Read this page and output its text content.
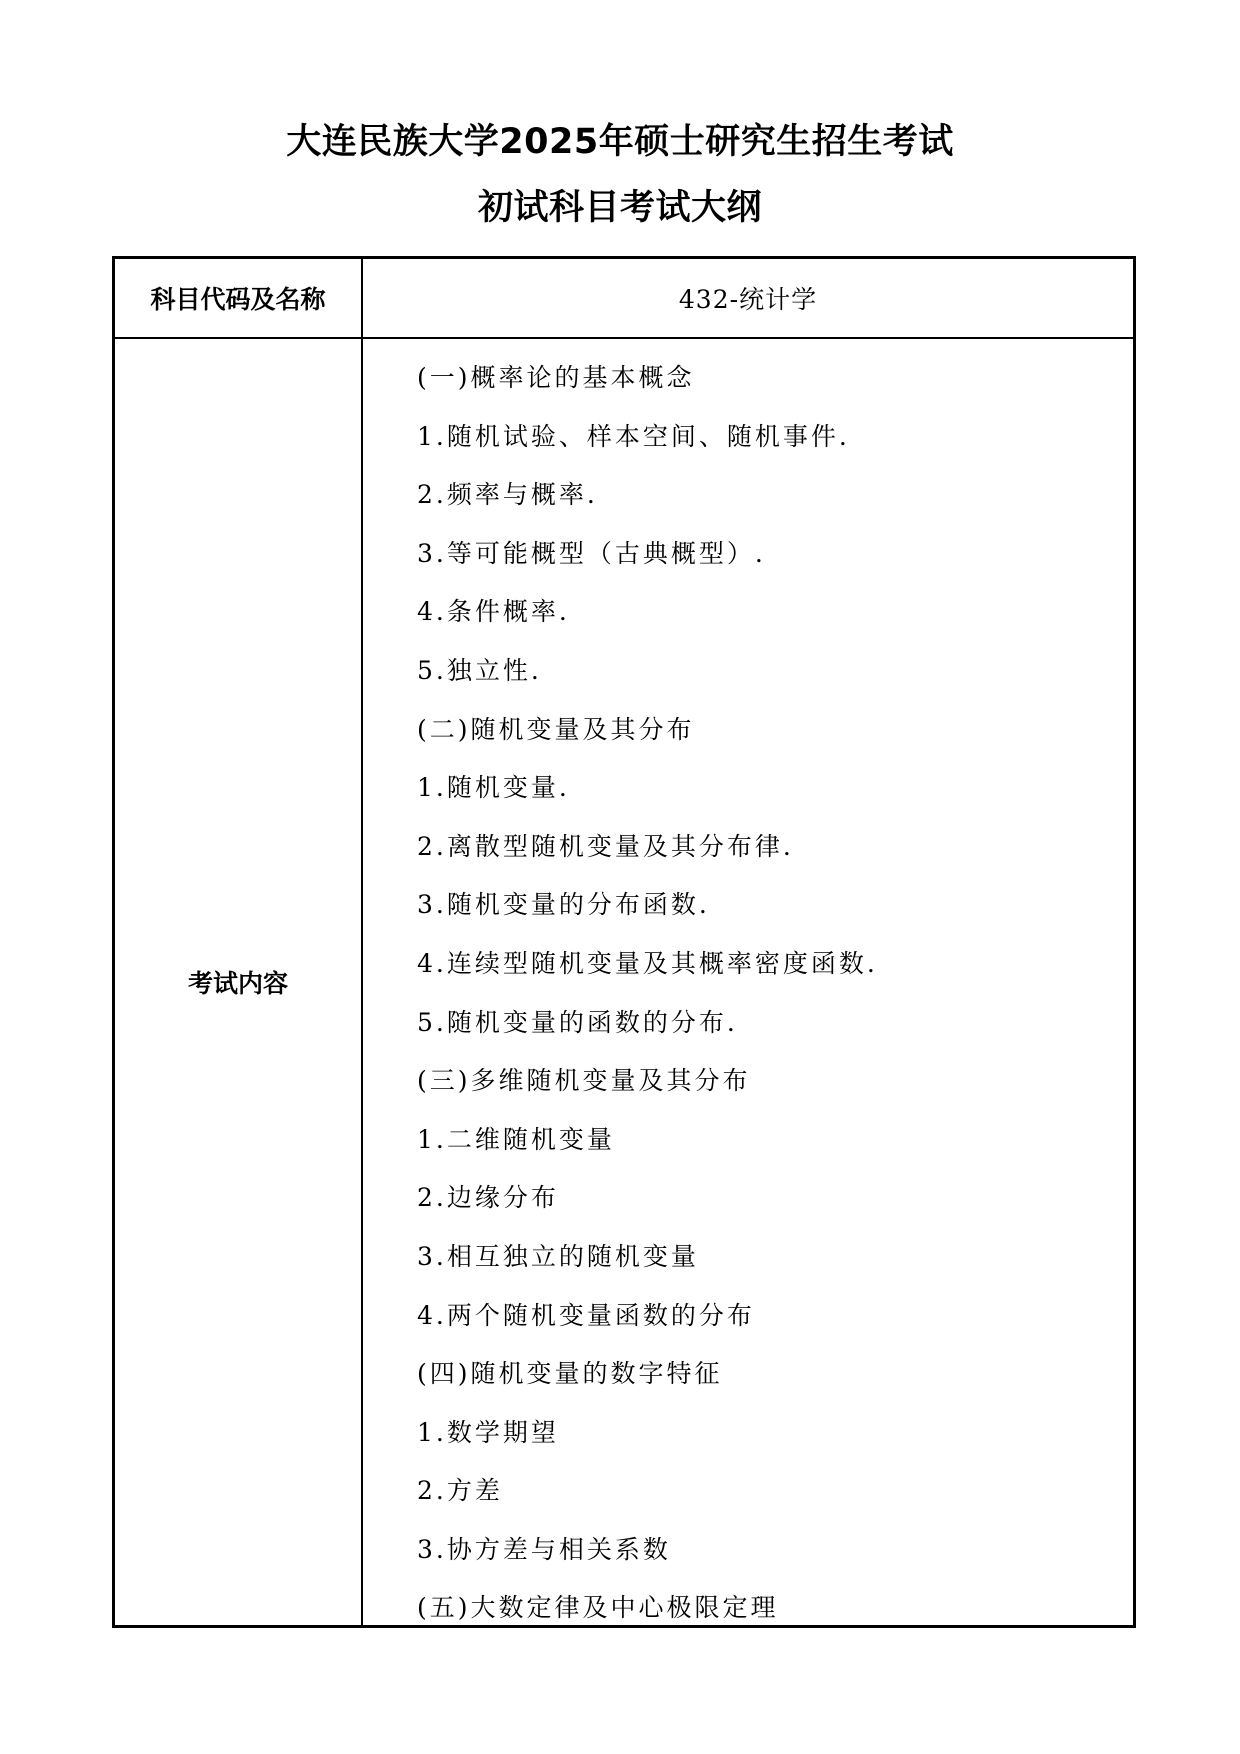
大连民族大学2025年硕士研究生招生考试
初试科目考试大纲
科目代码及名称	432-统计学
考试内容
(一)概率论的基本概念
1.随机试验、样本空间、随机事件.
2.频率与概率.
3.等可能概型（古典概型）.
4.条件概率.
5.独立性.
(二)随机变量及其分布
1.随机变量.
2.离散型随机变量及其分布律.
3.随机变量的分布函数.
4.连续型随机变量及其概率密度函数.
5.随机变量的函数的分布.
(三)多维随机变量及其分布
1.二维随机变量
2.边缘分布
3.相互独立的随机变量
4.两个随机变量函数的分布
(四)随机变量的数字特征
1.数学期望
2.方差
3.协方差与相关系数
(五)大数定律及中心极限定理
